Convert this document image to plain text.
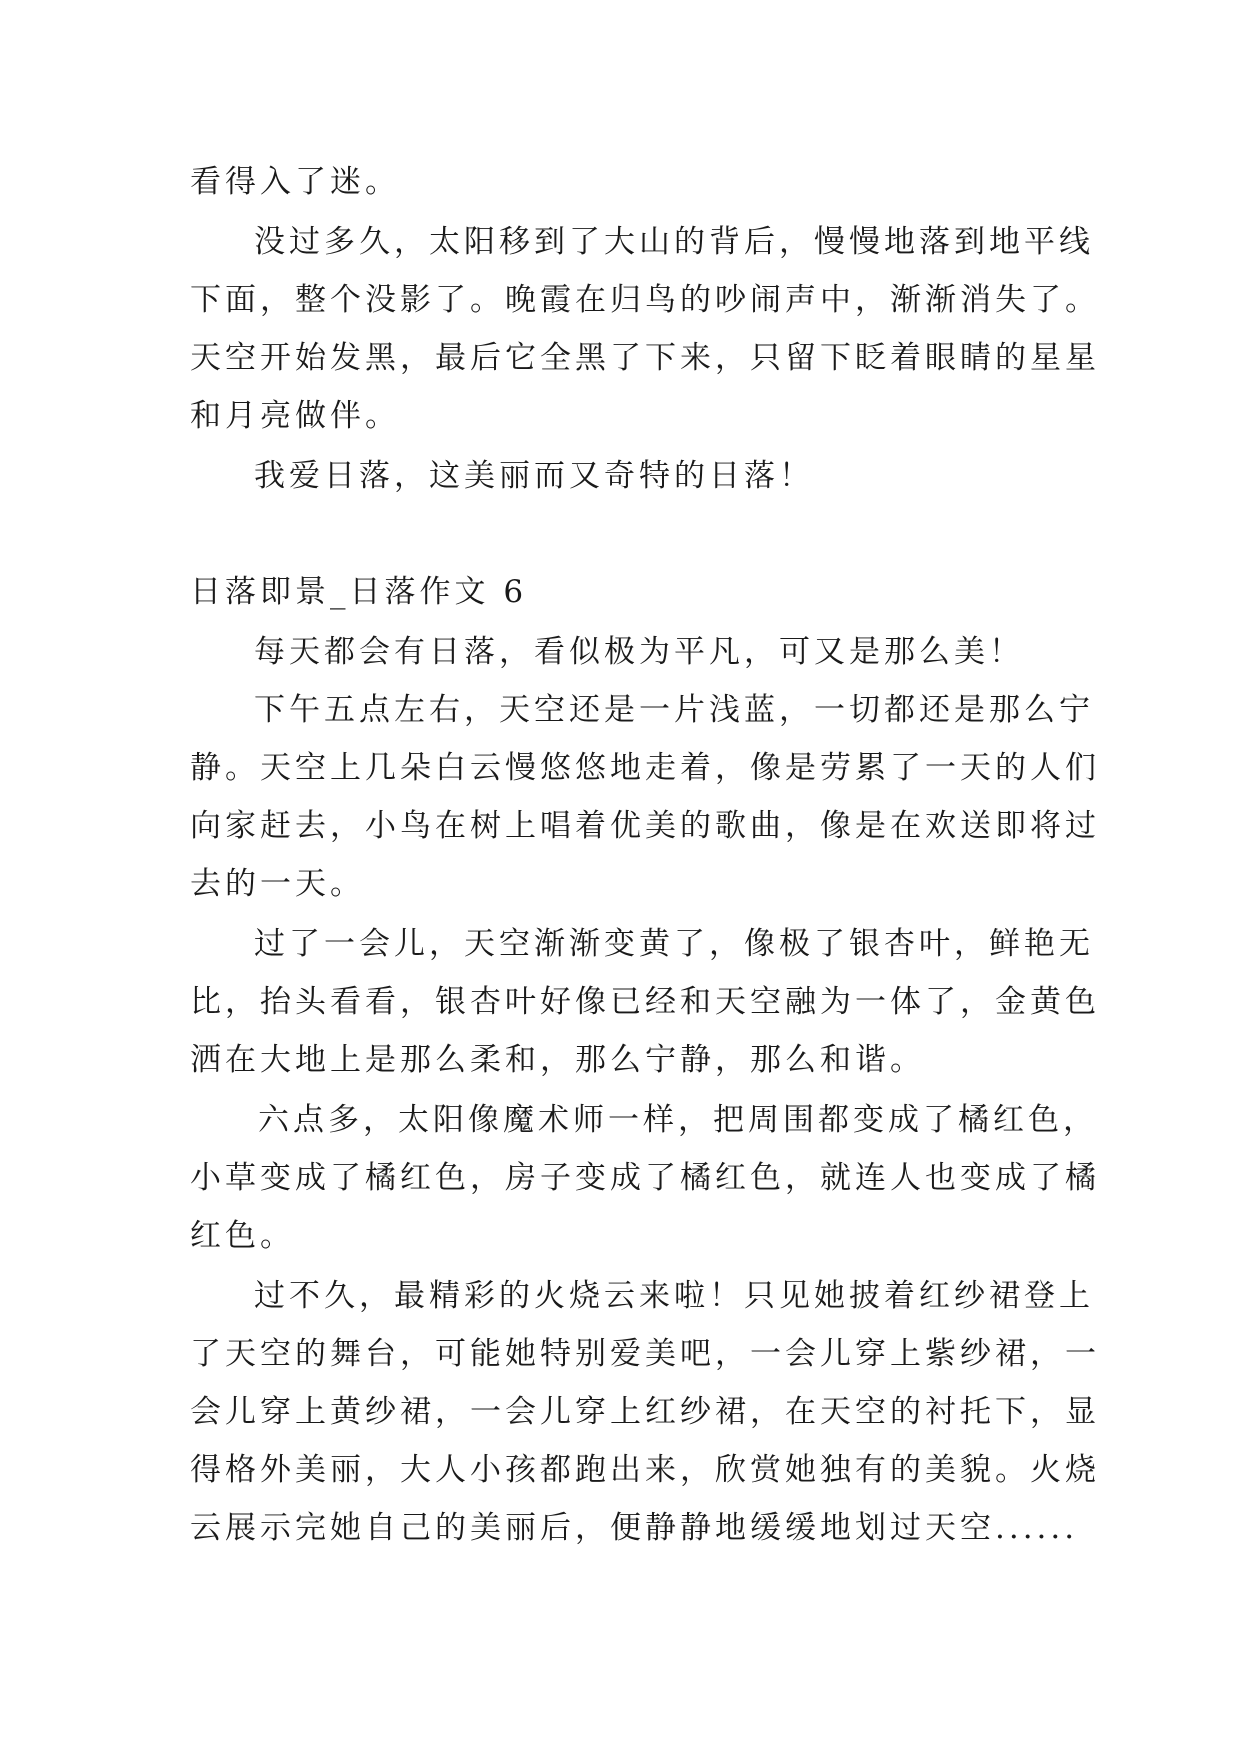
看得入了迷。
没过多久，太阳移到了大山的背后，慢慢地落到地平线
下面，整个没影了。晚霞在归鸟的吵闹声中，渐渐消失了。
天空开始发黑，最后它全黑了下来，只留下眨着眼睛的星星
和月亮做伴。
我爱日落，这美丽而又奇特的日落！
日落即景_日落作文 6
每天都会有日落，看似极为平凡，可又是那么美！
下午五点左右，天空还是一片浅蓝，一切都还是那么宁
静。天空上几朵白云慢悠悠地走着，像是劳累了一天的人们
向家赶去，小鸟在树上唱着优美的歌曲，像是在欢送即将过
去的一天。
过了一会儿，天空渐渐变黄了，像极了银杏叶，鲜艳无
比，抬头看看，银杏叶好像已经和天空融为一体了，金黄色
洒在大地上是那么柔和，那么宁静，那么和谐。
六点多，太阳像魔术师一样，把周围都变成了橘红色，
小草变成了橘红色，房子变成了橘红色，就连人也变成了橘
红色。
过不久，最精彩的火烧云来啦！只见她披着红纱裙登上
了天空的舞台，可能她特别爱美吧，一会儿穿上紫纱裙，一
会儿穿上黄纱裙，一会儿穿上红纱裙，在天空的衬托下，显
得格外美丽，大人小孩都跑出来，欣赏她独有的美貌。火烧
云展示完她自己的美丽后，便静静地缓缓地划过天空......
